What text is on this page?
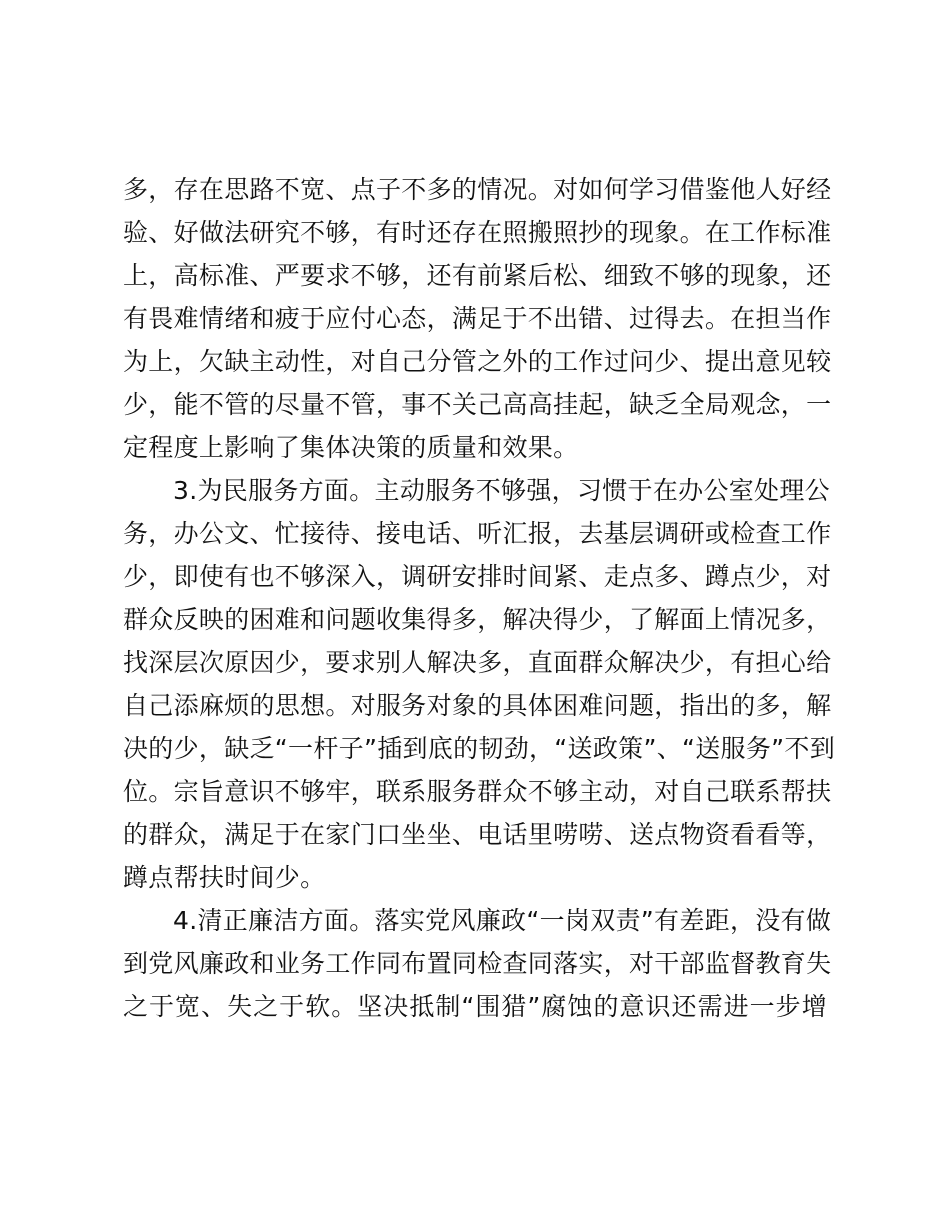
多，存在思路不宽、点子不多的情况。对如何学习借鉴他人好经
验、好做法研究不够，有时还存在照搬照抄的现象。在工作标准
上，高标准、严要求不够，还有前紧后松、细致不够的现象，还
有畏难情绪和疲于应付心态，满足于不出错、过得去。在担当作
为上，欠缺主动性，对自己分管之外的工作过问少、提出意见较
少，能不管的尽量不管，事不关己高高挂起，缺乏全局观念，一
定程度上影响了集体决策的质量和效果。
3.为民服务方面。主动服务不够强，习惯于在办公室处理公
务，办公文、忙接待、接电话、听汇报，去基层调研或检查工作
少，即使有也不够深入，调研安排时间紧、走点多、蹲点少，对
群众反映的困难和问题收集得多，解决得少，了解面上情况多，
找深层次原因少，要求别人解决多，直面群众解决少，有担心给
自己添麻烦的思想。对服务对象的具体困难问题，指出的多，解
决的少，缺乏“一杆子”插到底的韧劲，“送政策”、“送服务”不到
位。宗旨意识不够牢，联系服务群众不够主动，对自己联系帮扶
的群众，满足于在家门口坐坐、电话里唠唠、送点物资看看等，
蹲点帮扶时间少。
4.清正廉洁方面。落实党风廉政“一岗双责”有差距，没有做
到党风廉政和业务工作同布置同检查同落实，对干部监督教育失
之于宽、失之于软。坚决抵制“围猎”腐蚀的意识还需进一步增
